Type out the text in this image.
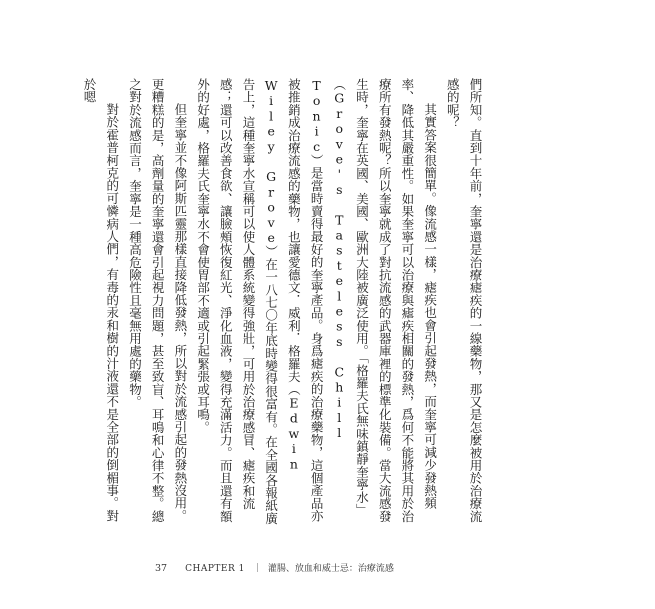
們所知。直到十年前，奎寧還是治療瘧疾的一線藥物，那又是怎麼被用於治療流感的呢？

其實答案很簡單。像流感一樣，瘧疾也會引起發熱，而奎寧可減少發熱頻率、降低其嚴重性。如果奎寧可以治療與瘧疾相關的發熱，爲何不能將其用於治療所有發熱呢？所以奎寧就成了對抗流感的武器庫裡的標準化裝備。當大流感發生時，奎寧在英國、美國、歐洲大陸被廣泛使用。「格羅夫氏無味鎮靜奎寧水」（Grove's Tasteless Chill Tonic）是當時賣得最好的奎寧產品。身爲瘧疾的治療藥物，這個產品亦被推銷成治療流感的藥物，也讓愛德文．威利．格羅夫（Edwin Wiley Grove）在一八七〇年底時變得很富有。在全國各報紙廣告上，這種奎寧水宣稱可以使人體系統變得強壯，可用於治療感冒、瘧疾和流感；還可以改善食欲、讓臉頰恢復紅光、淨化血液，變得充滿活力。而且還有額外的好處，格羅夫氏奎寧水不會使胃部不適或引起緊張或耳鳴。

但奎寧並不像阿斯匹靈那樣直接降低發熱，所以對於流感引起的發熱沒用。更糟糕的是，高劑量的奎寧還會引起視力問題，甚至致盲、耳鳴和心律不整。總之對於流感而言，奎寧是一種高危險性且毫無用處的藥物。

對於霍普柯克的可憐病人們，有毒的汞和樹的汁液還不是全部的倒楣事。對於嗯

37 CHAPTER 1 ｜ 灌腸、放血和威士忌：治療流感
